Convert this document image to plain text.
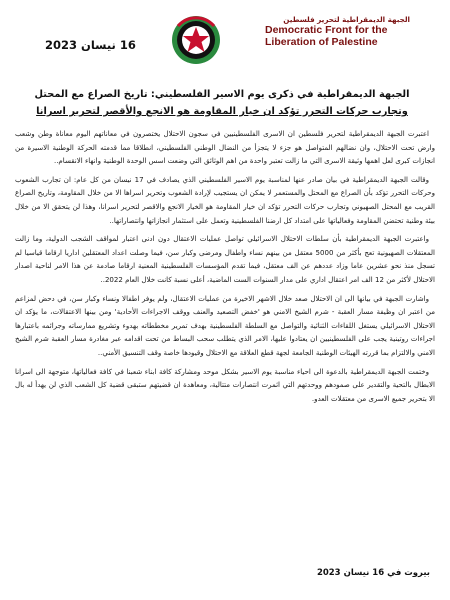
16 نيسان 2023
الجبهة الديمقراطية لتحرير فلسطين
Democratic Front for the
Liberation of Palestine
الجبهة الديمقراطية في ذكرى يوم الاسير الفلسطيني: تاريخ الصراع مع المحتل
وتجارب حركات التحرر تؤكد ان خيار المقاومة هو الانجع والأقصر لتحرير اسرانا

اعتبرت الجبهة الديمقراطية لتحرير فلسطين ان الاسرى الفلسطينيين في سجون الاحتلال يختصرون في معاناتهم اليوم معاناة وطن وشعب وارض تحت الاحتلال، وان نضالهم المتواصل هو جزء لا يتجزأ من النضال الوطني الفلسطيني، انطلاقا مما قدمته الحركة الوطنية الاسيرة من انجازات كبرى لعل اهمها وثيقة الاسرى التي ما زالت تعتبر واحدة من اهم الوثائق التي وضعت اسس الوحدة الوطنية وانهاء الانقسام..

وقالت الجبهة الديمقراطية في بيان صادر عنها لمناسبة يوم الاسير الفلسطيني الذي يصادف في 17 نيسان من كل عام: ان تجارب الشعوب وحركات التحرر تؤكد بأن الصراع مع المحتل والمستعمر لا يمكن ان يستجيب لإرادة الشعوب وتحرير اسراها الا من خلال المقاومة، وتاريخ الصراع القريب مع المحتل الصهيوني وتجارب حركات التحرر تؤكد ان خيار المقاومة هو الخيار الانجع والاقصر لتحرير اسرانا، وهذا لن يتحقق الا من خلال بيئة وطنية تحتضن المقاومة وفعالياتها على امتداد كل ارضنا الفلسطينية وتعمل على استثمار انجازاتها وانتصاراتها..

واعتبرت الجبهة الديمقراطية بأن سلطات الاحتلال الاسرائيلي تواصل عمليات الاعتقال دون ادنى اعتبار لمواقف الشجب الدولية، وما زالت المعتقلات الصهيونية تعج بأكثر من 5000 معتقل من بينهم نساء واطفال ومرضى وكبار سن، فيما وصلت اعداد المعتقلين اداريا ارقاما قياسيا لم تسجل منذ نحو عشرين عاما وزاد عددهم عن الف معتقل، فيما تقدم المؤسسات الفلسطينية المعنية ارقاما صادمة عن هذا الامر لناحية اصدار الاحتلال لأكثر من 12 الف امر اعتقال اداري على مدار السنوات الست الماضية، أعلى نسبة كانت خلال العام 2022..

واشارت الجبهة في بيانها الى ان الاحتلال صعد خلال الاشهر الاخيرة من عمليات الاعتقال، ولم يوفر اطفالا ونساء وكبار سن، في دحض لمزاعم من اعتبر ان وظيفة مسار العقبة - شرم الشيخ الامني هو 'خفض التصعيد والعنف ووقف الاجراءات الأحادية' ومن بينها الاعتقالات، ما يؤكد ان الاحتلال الاسرائيلي يستغل اللقاءات الثنائية والتواصل مع السلطة الفلسطينية بهدف تمرير مخططاته بهدوء وتشريع ممارساته وجرائمه باعتبارها اجراءات روتينية يجب على الفلسطينيين ان يعتادوا عليها، الامر الذي يتطلب سحب البساط من تحت اقدامه عبر مغادرة مسار العقبة شرم الشيخ الامني والالتزام بما قررته الهيئات الوطنية الجامعة لجهة قطع العلاقة مع الاحتلال وقيودها خاصة وقف التنسيق الأمني..

وختمت الجبهة الديمقراطية بالدعوة الى احياء مناسبة يوم الاسير بشكل موحد ومشاركة كافة ابناء شعبنا في كافة فعالياتها، متوجهة الى اسرانا الابطال بالتحية والتقدير على صمودهم ووحدتهم التي اثمرت انتصارات متتالية، ومعاهدة ان قضيتهم ستبقى قضية كل الشعب الذي لن يهدأ له بال الا بتحرير جميع الاسرى من معتقلات العدو.

بيروت في 16 نيسان 2023
